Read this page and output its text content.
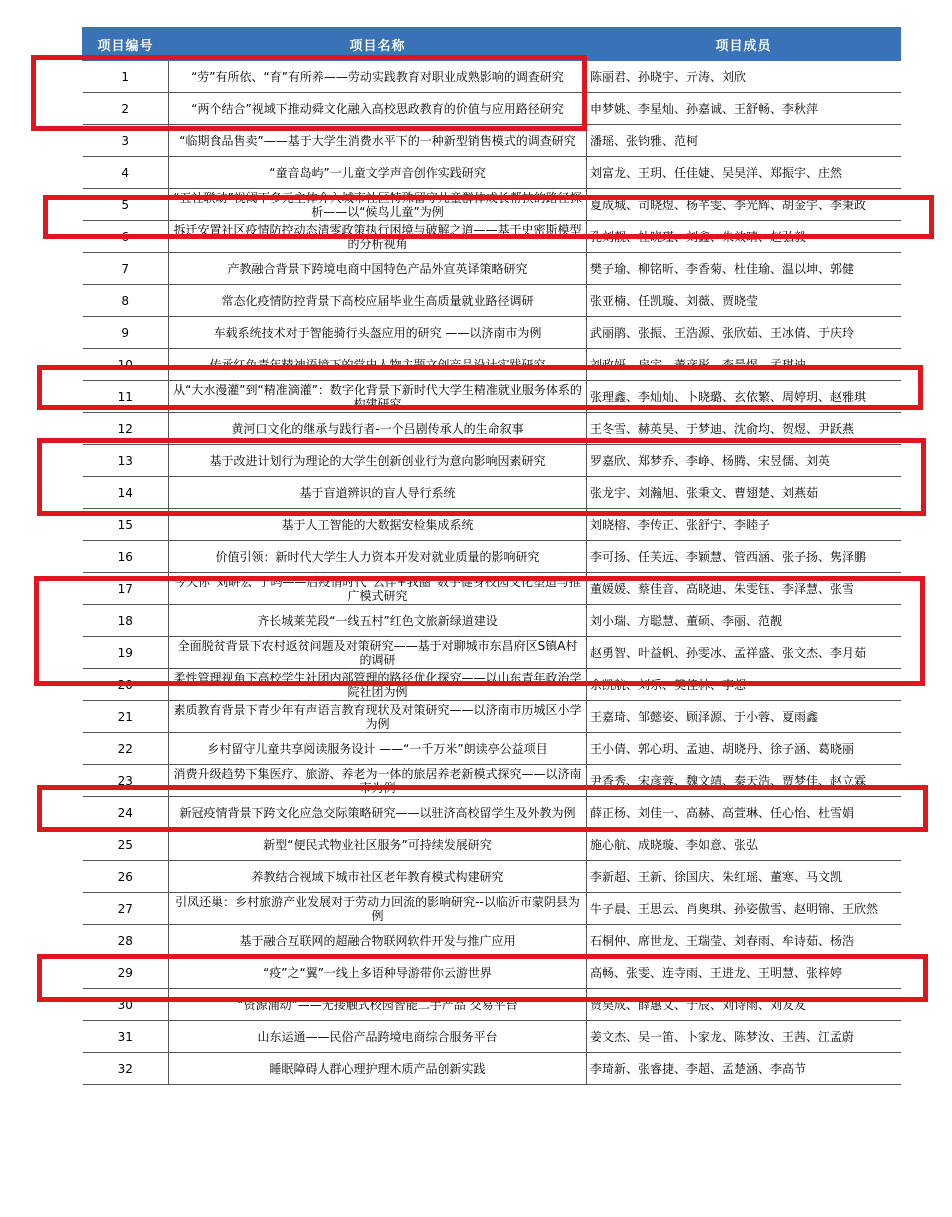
项目编号	项目名称	项目成员
1	“劳”有所依、“育”有所养——劳动实践教育对职业成熟影响的调查研究	陈丽君、孙晓宇、亓涛、刘欣
2	“两个结合”视域下推动舜文化融入高校思政教育的价值与应用路径研究	申梦姚、李星灿、孙嘉诚、王舒畅、李秋萍
3	“临期食品售卖”——基于大学生消费水平下的一种新型销售模式的调查研究	潘瑶、张钧雅、范柯
4	“童音岛屿”一儿童文学声音创作实践研究	刘富龙、王玥、任佳婕、吴昊洋、郑振宇、庄然
5	“五社联动”视阈下多元主体介入城市社区特殊留守儿童群体成长帮扶的路径探析——以“候鸟儿童”为例	夏成城、司晓煜、杨芊雯、李光辉、胡金宇、李秉政
6	拆迁安置社区疫情防控动态清零政策执行困境与破解之道——基于史密斯模型的分析视角	孔刘靓、杜晓瑾、刘鑫、朱效晴、赵弘毅
7	产教融合背景下跨境电商中国特色产品外宣英译策略研究	樊子瑜、柳铭昕、李香菊、杜佳瑜、温以坤、郭健
8	常态化疫情防控背景下高校应届毕业生高质量就业路径调研	张亚楠、任凯璇、刘薇、贾晓莹
9	车载系统技术对于智能骑行头盔应用的研究 ——以济南市为例	武丽鹃、张振、王浩源、张欣茹、王冰倩、于庆玲
10	传承红色青年精神语境下的党史人物主题文创产品设计实践研究	刘政妍、房宇、董彦彤、李景煜、孟琪迪
11	从“大水漫灌”到“精准滴灌”：数字化背景下新时代大学生精准就业服务体系的构建研究	张理鑫、李灿灿、卜晓璐、玄依繁、周婷玥、赵雅琪
12	黄河口文化的继承与践行者-一个吕剧传承人的生命叙事	王冬雪、赫英昊、于梦迪、沈俞均、贺煜、尹跃燕
13	基于改进计划行为理论的大学生创新创业行为意向影响因素研究	罗嘉欣、郑梦乔、李峥、杨腾、宋昱儒、刘英
14	基于盲道辨识的盲人导行系统	张龙宇、刘瀚旭、张秉文、曹翅楚、刘燕茹
15	基于人工智能的大数据安检集成系统	刘晓榕、李传正、张舒宁、李睦子
16	价值引领：新时代大学生人力资本开发对就业质量的影响研究	李可扬、任芙远、李颖慧、管西涵、张子扬、隽泽鹏
17	今天你“刘畊宏”了吗——后疫情时代“云伴+我圈”数字健身校园文化塑造与推广模式研究	董媛媛、蔡佳音、高晓迪、朱雯钰、李泽慧、张雪
18	齐长城莱芜段“一线五村”红色文旅新绿道建设	刘小瑞、方聪慧、董硕、李丽、范靓
19	全面脱贫背景下农村返贫问题及对策研究——基于对聊城市东昌府区S镇A村的调研	赵勇智、叶益帆、孙雯冰、孟祥盛、张文杰、李月茹
20	柔性管理视角下高校学生社团内部管理的路径优化探究——以山东青年政治学院社团为例	余凯航、刘乐、樊佳林、李想
21	素质教育背景下青少年有声语言教育现状及对策研究——以济南市历城区小学为例	王嘉琦、邹懿姿、顾泽源、于小蓉、夏雨鑫
22	乡村留守儿童共享阅读服务设计 ——“一千万米”朗读亭公益项目	王小倩、郭心玥、孟迪、胡晓丹、徐子涵、葛晓丽
23	消费升级趋势下集医疗、旅游、养老为一体的旅居养老新模式探究——以济南市为例	尹香秀、宋彦蓉、魏文靖、秦天浩、贾梦佳、赵立霖
24	新冠疫情背景下跨文化应急交际策略研究——以驻济高校留学生及外教为例	薛正杨、刘佳一、高赫、高萱琳、任心怡、杜雪娟
25	新型“便民式物业社区服务”可持续发展研究	施心航、成晓璇、李如意、张弘
26	养教结合视域下城市社区老年教育模式构建研究	李新超、王新、徐国庆、朱红瑶、董寒、马文凯
27	引凤还巢：乡村旅游产业发展对于劳动力回流的影响研究--以临沂市蒙阴县为例	牛子晨、王思云、肖奥琪、孙姿傲雪、赵明锦、王欣然
28	基于融合互联网的超融合物联网软件开发与推广应用	石桐仲、席世龙、王瑞莹、刘春雨、牟诗茹、杨浩
29	“疫”之“翼”一线上多语种导游带你云游世界	高畅、张雯、连寺雨、王进龙、王明慧、张梓婷
30	“资源涌动”——无接触式校园智能二手产品 交易平台	贾昊成、薛惠文、于辰、刘诗雨、刘友友
31	山东运通——民俗产品跨境电商综合服务平台	姜文杰、吴一笛、卜家龙、陈梦汝、王茜、江孟蔚
32	睡眠障碍人群心理护理木质产品创新实践	李琦新、张睿捷、李超、孟楚涵、李高节
